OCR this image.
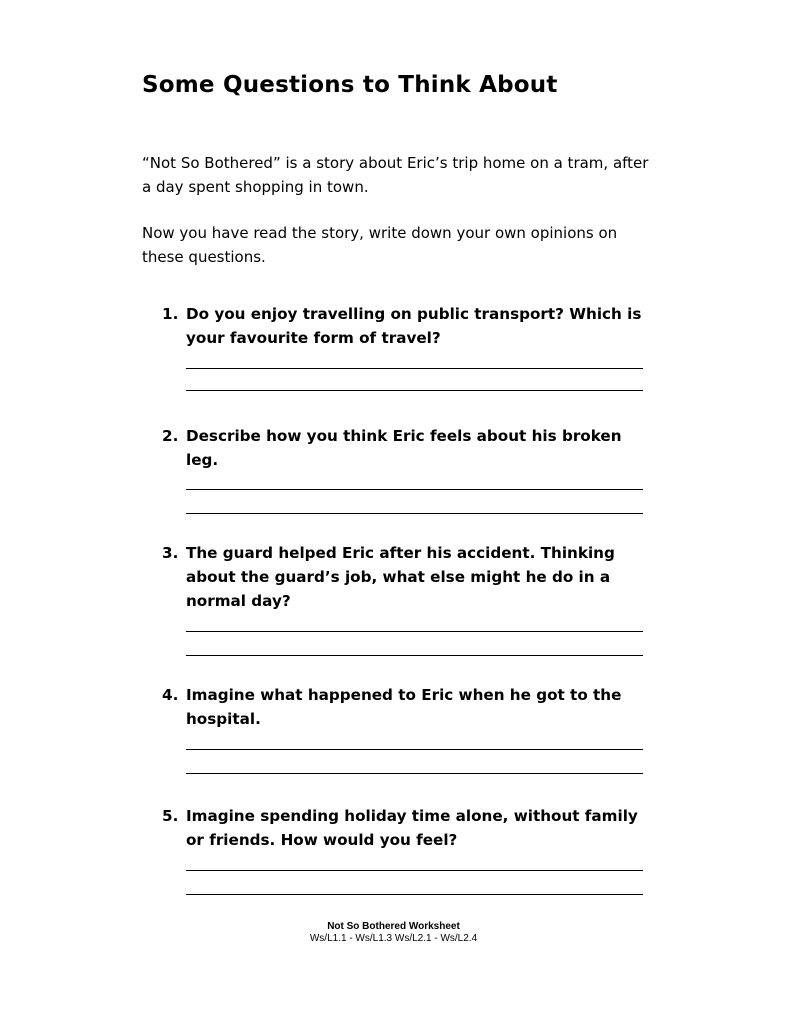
Some Questions to Think About

“Not So Bothered” is a story about Eric’s trip home on a tram, after a day spent shopping in town.

Now you have read the story, write down your own opinions on these questions.

1. Do you enjoy travelling on public transport? Which is your favourite form of travel?
2. Describe how you think Eric feels about his broken leg.
3. The guard helped Eric after his accident. Thinking about the guard’s job, what else might he do in a normal day?
4. Imagine what happened to Eric when he got to the hospital.
5. Imagine spending holiday time alone, without family or friends. How would you feel?
Not So Bothered Worksheet
Ws/L1.1 - Ws/L1.3 Ws/L2.1 - Ws/L2.4
